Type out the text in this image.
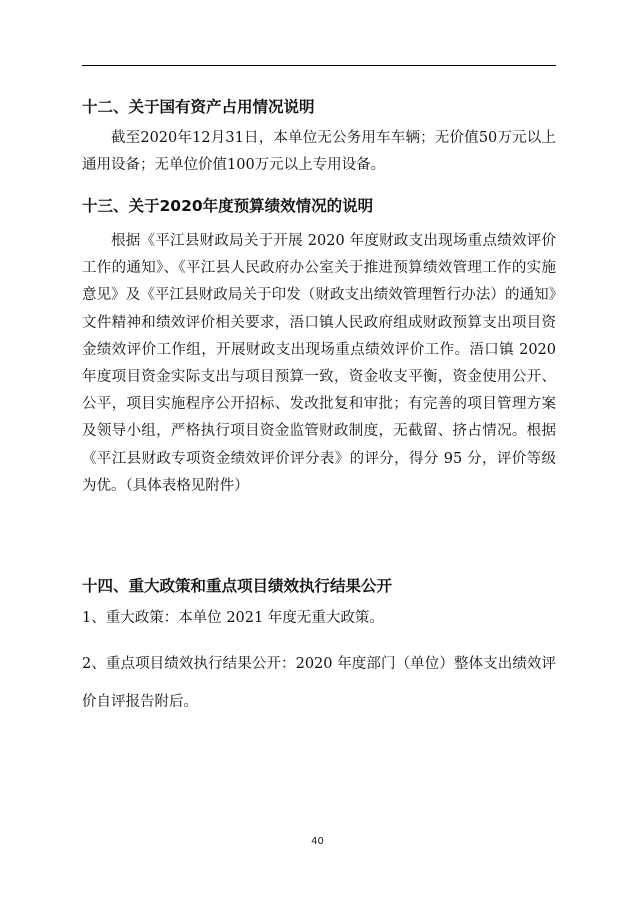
十二、关于国有资产占用情况说明

截至2020年12月31日，本单位无公务用车车辆；无价值50万元以上通用设备；无单位价值100万元以上专用设备。

十三、关于2020年度预算绩效情况的说明

根据《平江县财政局关于开展 2020 年度财政支出现场重点绩效评价工作的通知》、《平江县人民政府办公室关于推进预算绩效管理工作的实施意见》及《平江县财政局关于印发（财政支出绩效管理暂行办法）的通知》文件精神和绩效评价相关要求，浯口镇人民政府组成财政预算支出项目资金绩效评价工作组，开展财政支出现场重点绩效评价工作。浯口镇 2020 年度项目资金实际支出与项目预算一致，资金收支平衡，资金使用公开、公平，项目实施程序公开招标、发改批复和审批；有完善的项目管理方案及领导小组，严格执行项目资金监管财政制度，无截留、挤占情况。根据《平江县财政专项资金绩效评价评分表》的评分，得分 95 分，评价等级为优。（具体表格见附件）

十四、重大政策和重点项目绩效执行结果公开

1、重大政策：本单位 2021 年度无重大政策。

2、重点项目绩效执行结果公开：2020 年度部门（单位）整体支出绩效评价自评报告附后。

40
